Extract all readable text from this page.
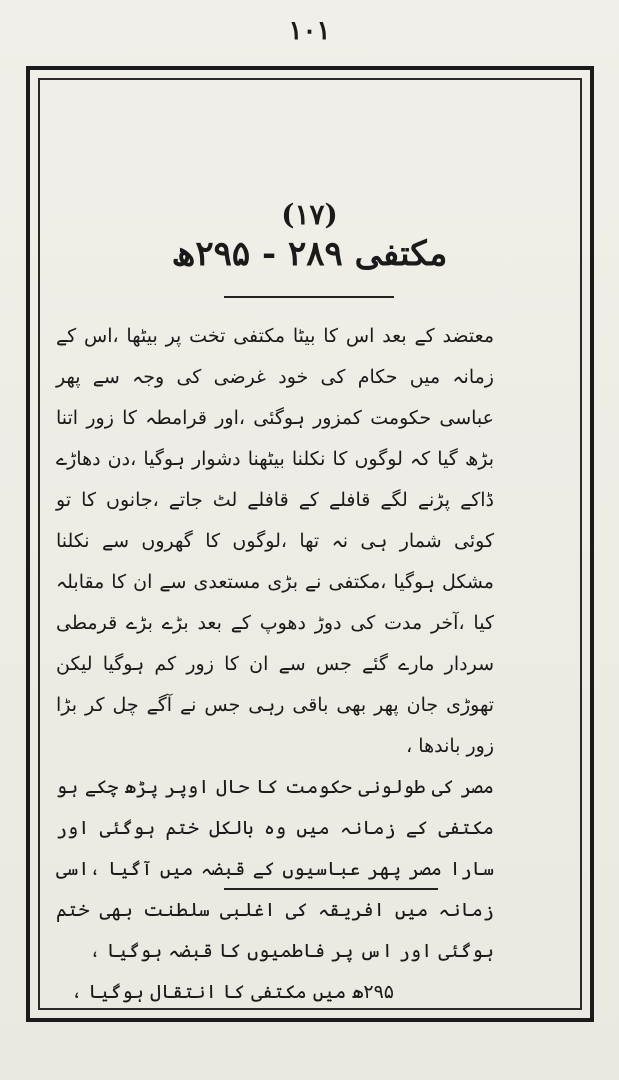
١٠١
(١٧)
مکتفی ۲۸۹ - ۲۹۵ھ

معتضد کے بعد اس کا بیٹا مکتفی تخت پر بیٹھا ،اس کے زمانہ میں حکام کی خود غرضی کی وجہ سے پھر عباسی حکومت کمزور ہوگئی ،اور قرامطہ کا زور اتنا بڑھ گیا کہ لوگوں کا نکلنا بیٹھنا دشوار ہوگیا ،دن دھاڑے ڈاکے پڑنے لگے قافلے کے قافلے لٹ جاتے ،جانوں کا تو کوئی شمار ہی نہ تھا ،لوگوں کا گھروں سے نکلنا مشکل ہوگیا ،مکتفی نے بڑی مستعدی سے ان کا مقابلہ کیا ،آخر مدت کی دوڑ دھوپ کے بعد بڑے بڑے قرمطی سردار مارے گئے جس سے ان کا زور کم ہوگیا لیکن تھوڑی جان پھر بھی باقی رہی جس نے آگے چل کر بڑا زور باندھا ،

مصر کی طولونی حکومت کا حال اوپر پڑھ چکے ہو مکتفی کے زمانہ میں وہ بالکل ختم ہوگئی اور سارا مصر پھر عباسیوں کے قبضہ میں آگیا ،اسی زمانہ میں افریقہ کی اغلبی سلطنت بھی ختم ہوگئی اور اس پر فاطمیوں کا قبضہ ہوگیا ،

۲۹۵ھ میں مکتفی کا انتقال ہوگیا ،
